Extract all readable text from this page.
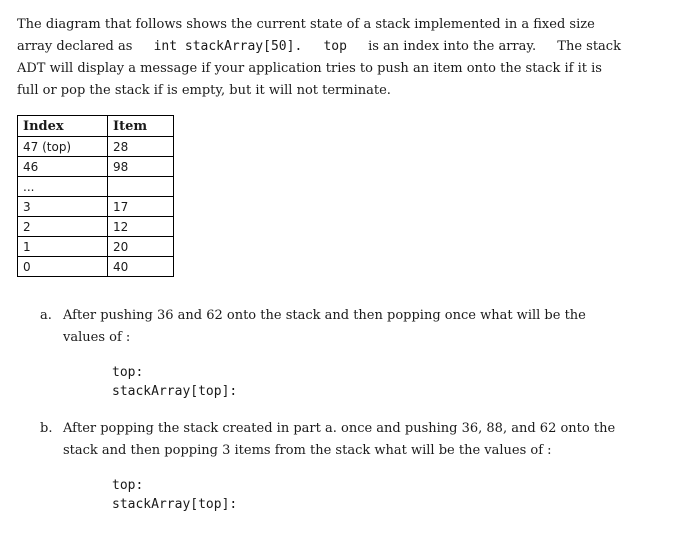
The diagram that follows shows the current state of a stack implemented in a fixed size
array declared as int stackArray[50]. top is an index into the array. The stack
ADT will display a message if your application tries to push an item onto the stack if it is
full or pop the stack if is empty, but it will not terminate.
Index	Item
47 (top)	28
46	98
...	
3	17
2	12
1	20
0	40
a. After pushing 36 and 62 onto the stack and then popping once what will be the
values of :
top:
stackArray[top]:
b. After popping the stack created in part a. once and pushing 36, 88, and 62 onto the
stack and then popping 3 items from the stack what will be the values of :
top:
stackArray[top]:
